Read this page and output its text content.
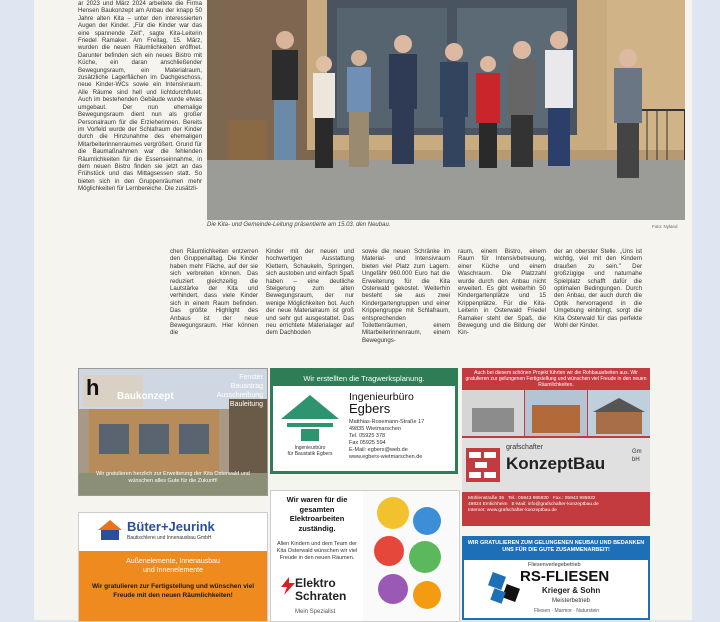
ar 2023 und März 2024 arbeitete die Firma Hensen Baukonzept am Anbau der knapp 50 Jahre alten Kita – unter den interessierten Augen der Kinder. „Für die Kinder war das eine spannende Zeit", sagte Kita-Leiterin Friedel Ramaker. Am Freitag, 15. März, wurden die neuen Räumlichkeiten eröffnet. Darunter befinden sich ein neues Bistro mit Küche, ein daran anschließender Bewegungsraum, ein Materialraum, zusätzliche Lagerflächen im Dachgeschoss, neue Kinder-WCs sowie ein Intensivraum. Alle Räume sind hell und lichtdurchflutet. Auch im bestehenden Gebäude wurde etwas umgebaut. Der nun ehemalige Bewegungsraum dient nun als großer Personalraum für die Erzieherinnen. Bereits im Vorfeld wurde der Schlafraum der Kinder durch die Hinzunahme des ehemaligen Mitarbeiterinnenraumes vergrößert. Grund für die Baumaßnahmen war die fehlenden Räumlichkeiten für die Essenseinnahme, in dem neuen Bistro finden sie jetzt an das Frühstück und das Mittagsessen statt. So bieten sich in den Gruppenräumen mehr Möglichkeiten für Lernbereiche. Die zusätzli-
Die Kita- und Gemeinde-Leitung präsentierte am 15.03. den Neubau.	Foto: Nyland
chen Räumlichkeiten entzerren den Gruppenalltag. Die Kinder haben mehr Fläche, auf der sie sich verbreiten können. Das reduziert gleichzeitig die Lautstärke der Kita und verhindert, dass viele Kinder sich in einem Raum befinden. Das größte Highlight des Anbaus ist der neue Bewegungsraum. Hier können die
Kinder mit der neuen und hochwertigen Ausstattung Klettern, Schaukeln, Springen, sich austoben und einfach Spaß haben – eine deutliche Steigerung zum alten Bewegungsraum, der nur wenige Möglichkeiten bot. Auch der neue Materialraum ist groß und sehr gut ausgestattet. Das neu errichtete Materialager auf dem Dachboden
sowie die neuen Schränke im Material- und Intensivraum bieten viel Platz zum Lagern. Ungefähr 960.000 Euro hat die Erweiterung für die Kita Osterwald gekostet. Weiterhin besteht sie aus zwei Kindergartengruppen und einer Krippengruppe mit Schlafraum, entsprechenden Toilettenräumen, einem Mitarbeiterinnenraum, einem Bewegungs-
raum, einem Bistro, einem Raum für Intensivbetreuung, einer Küche und einem Waschraum. Die Platzzahl wurde durch den Anbau nicht erweitert. Es gibt weiterhin 50 Kindergartenplätze und 15 Krippenplätze. Für die Kita-Leiterin in Osterwald Friedel Ramaker steht der Spaß, die Bewegung und die Bildung der Kin-
der an oberster Stelle. „Uns ist wichtig, viel mit den Kindern draußen zu sein." Der großzügige und naturnahe Spielplatz schafft dafür die optimalen Bedingungen. Durch den Anbau, der auch durch die Optik hervorragend in die Umgebung einbringt, sorgt die Kita Osterwald für das perfekte Wohl der Kinder.
h	Baukonzept
Fenster
Bauantrag
Ausschreibung
Bauleitung
Wir gratulieren herzlich zur Erweiterung der Kita Osterwald und wünschen alles Gute für die Zukunft!
Wir erstellten die Tragwerksplanung.
Ingenieurbüro
für Baustatik Egbers
Ingenieurbüro
Egbers
Matthias-Rosemann-Straße 17
49835 Wietmarschen
Tel. 05925 378
Fax 05925 594
E-Mail: egbers@web.de
www.egbers-wietmarschen.de
Auch bei diesem schönen Projekt führten wir die Rohbauarbeiten aus. Wir gratulieren zur gelungenen Fertigstellung und wünschen viel Freude in den neuen Räumlichkeiten.
grafschafter
KonzeptBau
GmbH
Mühlenstraße 36 Tel.: 05943 985930 Fax.: 05943 985932
49824 Emlichheim E-Mail: info@grafschafter-konzeptbau.de
Internet: www.grafschafter-konzeptbau.de
Büter+Jeurink
Bautischlerei und Innenausbau GmbH
Außenelemente, Innenausbau
und Innenelemente
Wir gratulieren zur Fertigstellung und wünschen viel Freude mit den neuen Räumlichkeiten!
Wir waren für die gesamten Elektroarbeiten zuständig.
Allen Kindern und dem Team der Kita Osterwald wünschen wir viel Freude in den neuen Räumen.
Elektro
Schraten
Mein Spezialist
WIR GRATULIEREN ZUM GELUNGENEN NEUBAU UND BEDANKEN UNS FÜR DIE GUTE ZUSAMMENARBEIT!
Fliesenverlegebetrieb
RS-FLIESEN
Krieger & Sohn
Meisterbetrieb
Fliesen · Marmor · Naturstein
